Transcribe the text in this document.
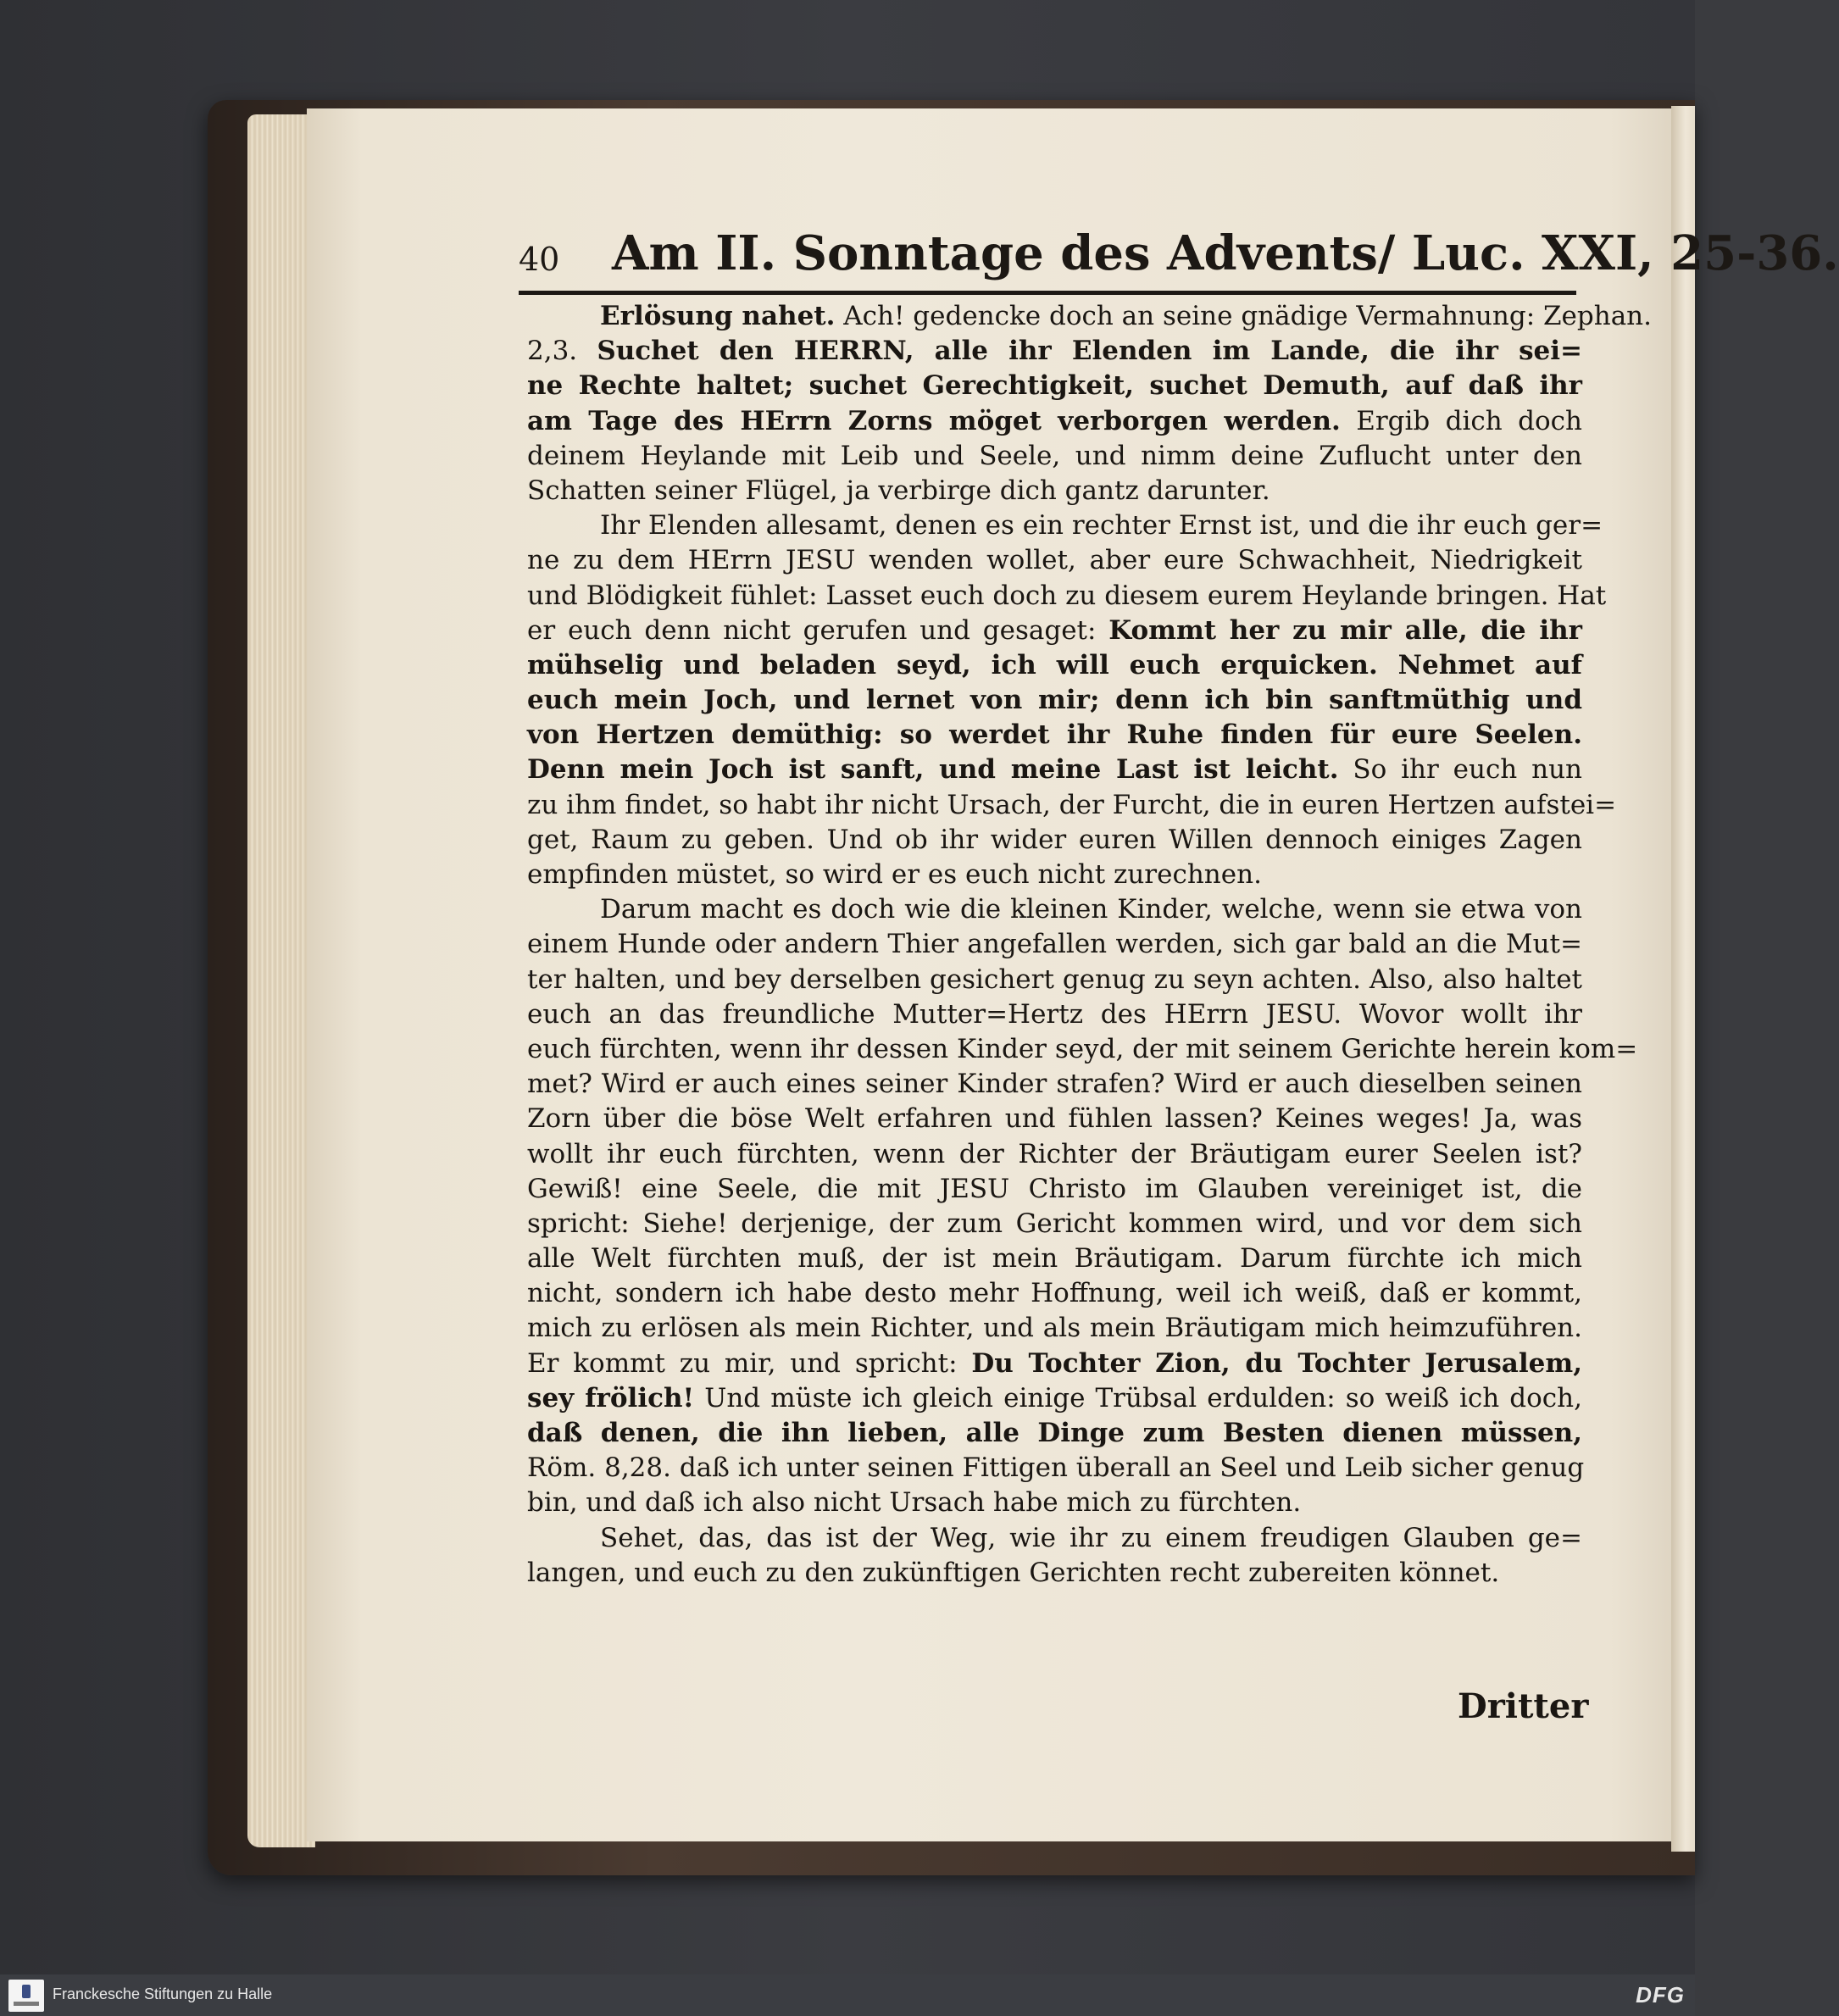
40 Am II. Sonntage des Advents/ Luc. XXI, 25-36.
Erlösung nahet. Ach! gedencke doch an seine gnädige Vermahnung: Zephan.
2,3. Suchet den HERRN, alle ihr Elenden im Lande, die ihr sei=
ne Rechte haltet; suchet Gerechtigkeit, suchet Demuth, auf daß ihr
am Tage des HErrn Zorns möget verborgen werden. Ergib dich doch
deinem Heylande mit Leib und Seele, und nimm deine Zuflucht unter den
Schatten seiner Flügel, ja verbirge dich gantz darunter.
Ihr Elenden allesamt, denen es ein rechter Ernst ist, und die ihr euch ger=
ne zu dem HErrn JESU wenden wollet, aber eure Schwachheit, Niedrigkeit
und Blödigkeit fühlet: Lasset euch doch zu diesem eurem Heylande bringen. Hat
er euch denn nicht gerufen und gesaget: Kommt her zu mir alle, die ihr
mühselig und beladen seyd, ich will euch erquicken. Nehmet auf
euch mein Joch, und lernet von mir; denn ich bin sanftmüthig und
von Hertzen demüthig: so werdet ihr Ruhe finden für eure Seelen.
Denn mein Joch ist sanft, und meine Last ist leicht. So ihr euch nun
zu ihm findet, so habt ihr nicht Ursach, der Furcht, die in euren Hertzen aufstei=
get, Raum zu geben. Und ob ihr wider euren Willen dennoch einiges Zagen
empfinden müstet, so wird er es euch nicht zurechnen.
Darum macht es doch wie die kleinen Kinder, welche, wenn sie etwa von
einem Hunde oder andern Thier angefallen werden, sich gar bald an die Mut=
ter halten, und bey derselben gesichert genug zu seyn achten. Also, also haltet
euch an das freundliche Mutter=Hertz des HErrn JESU. Wovor wollt ihr
euch fürchten, wenn ihr dessen Kinder seyd, der mit seinem Gerichte herein kom=
met? Wird er auch eines seiner Kinder strafen? Wird er auch dieselben seinen
Zorn über die böse Welt erfahren und fühlen lassen? Keines weges! Ja, was
wollt ihr euch fürchten, wenn der Richter der Bräutigam eurer Seelen ist?
Gewiß! eine Seele, die mit JESU Christo im Glauben vereiniget ist, die
spricht: Siehe! derjenige, der zum Gericht kommen wird, und vor dem sich
alle Welt fürchten muß, der ist mein Bräutigam. Darum fürchte ich mich
nicht, sondern ich habe desto mehr Hoffnung, weil ich weiß, daß er kommt,
mich zu erlösen als mein Richter, und als mein Bräutigam mich heimzuführen.
Er kommt zu mir, und spricht: Du Tochter Zion, du Tochter Jerusalem,
sey frölich! Und müste ich gleich einige Trübsal erdulden: so weiß ich doch,
daß denen, die ihn lieben, alle Dinge zum Besten dienen müssen,
Röm. 8,28. daß ich unter seinen Fittigen überall an Seel und Leib sicher genug
bin, und daß ich also nicht Ursach habe mich zu fürchten.
Sehet, das, das ist der Weg, wie ihr zu einem freudigen Glauben ge=
langen, und euch zu den zukünftigen Gerichten recht zubereiten könnet.
Dritter
Franckesche Stiftungen zu Halle	DFG
